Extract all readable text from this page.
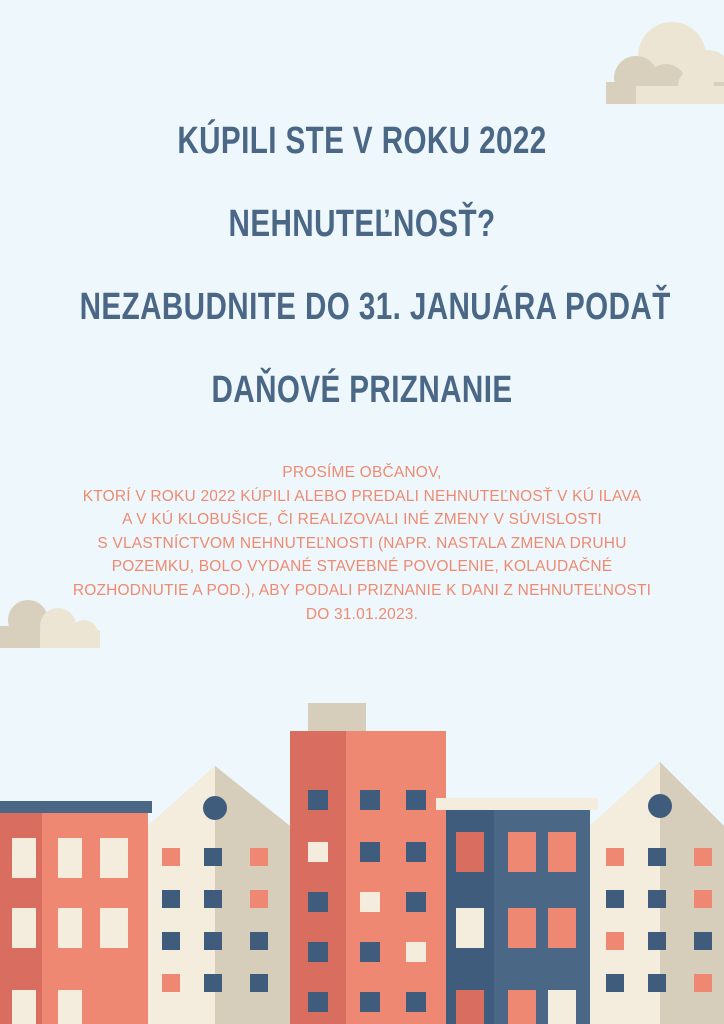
KÚPILI STE V ROKU 2022
NEHNUTEĽNOSŤ?
NEZABUDNITE DO 31. JANUÁRA PODAŤ
DAŇOVÉ PRIZNANIE
PROSÍME OBČANOV,
KTORÍ V ROKU 2022 KÚPILI ALEBO PREDALI NEHNUTEĽNOSŤ V KÚ ILAVA
A V KÚ KLOBUŠICE, ČI REALIZOVALI INÉ ZMENY V SÚVISLOSTI
S VLASTNÍCTVOM NEHNUTEĽNOSTI (NAPR. NASTALA ZMENA DRUHU
POZEMKU, BOLO VYDANÉ STAVEBNÉ POVOLENIE, KOLAUDAČNÉ
ROZHODNUTIE A POD.), ABY PODALI PRIZNANIE K DANI Z NEHNUTEĽNOSTI
DO 31.01.2023.
